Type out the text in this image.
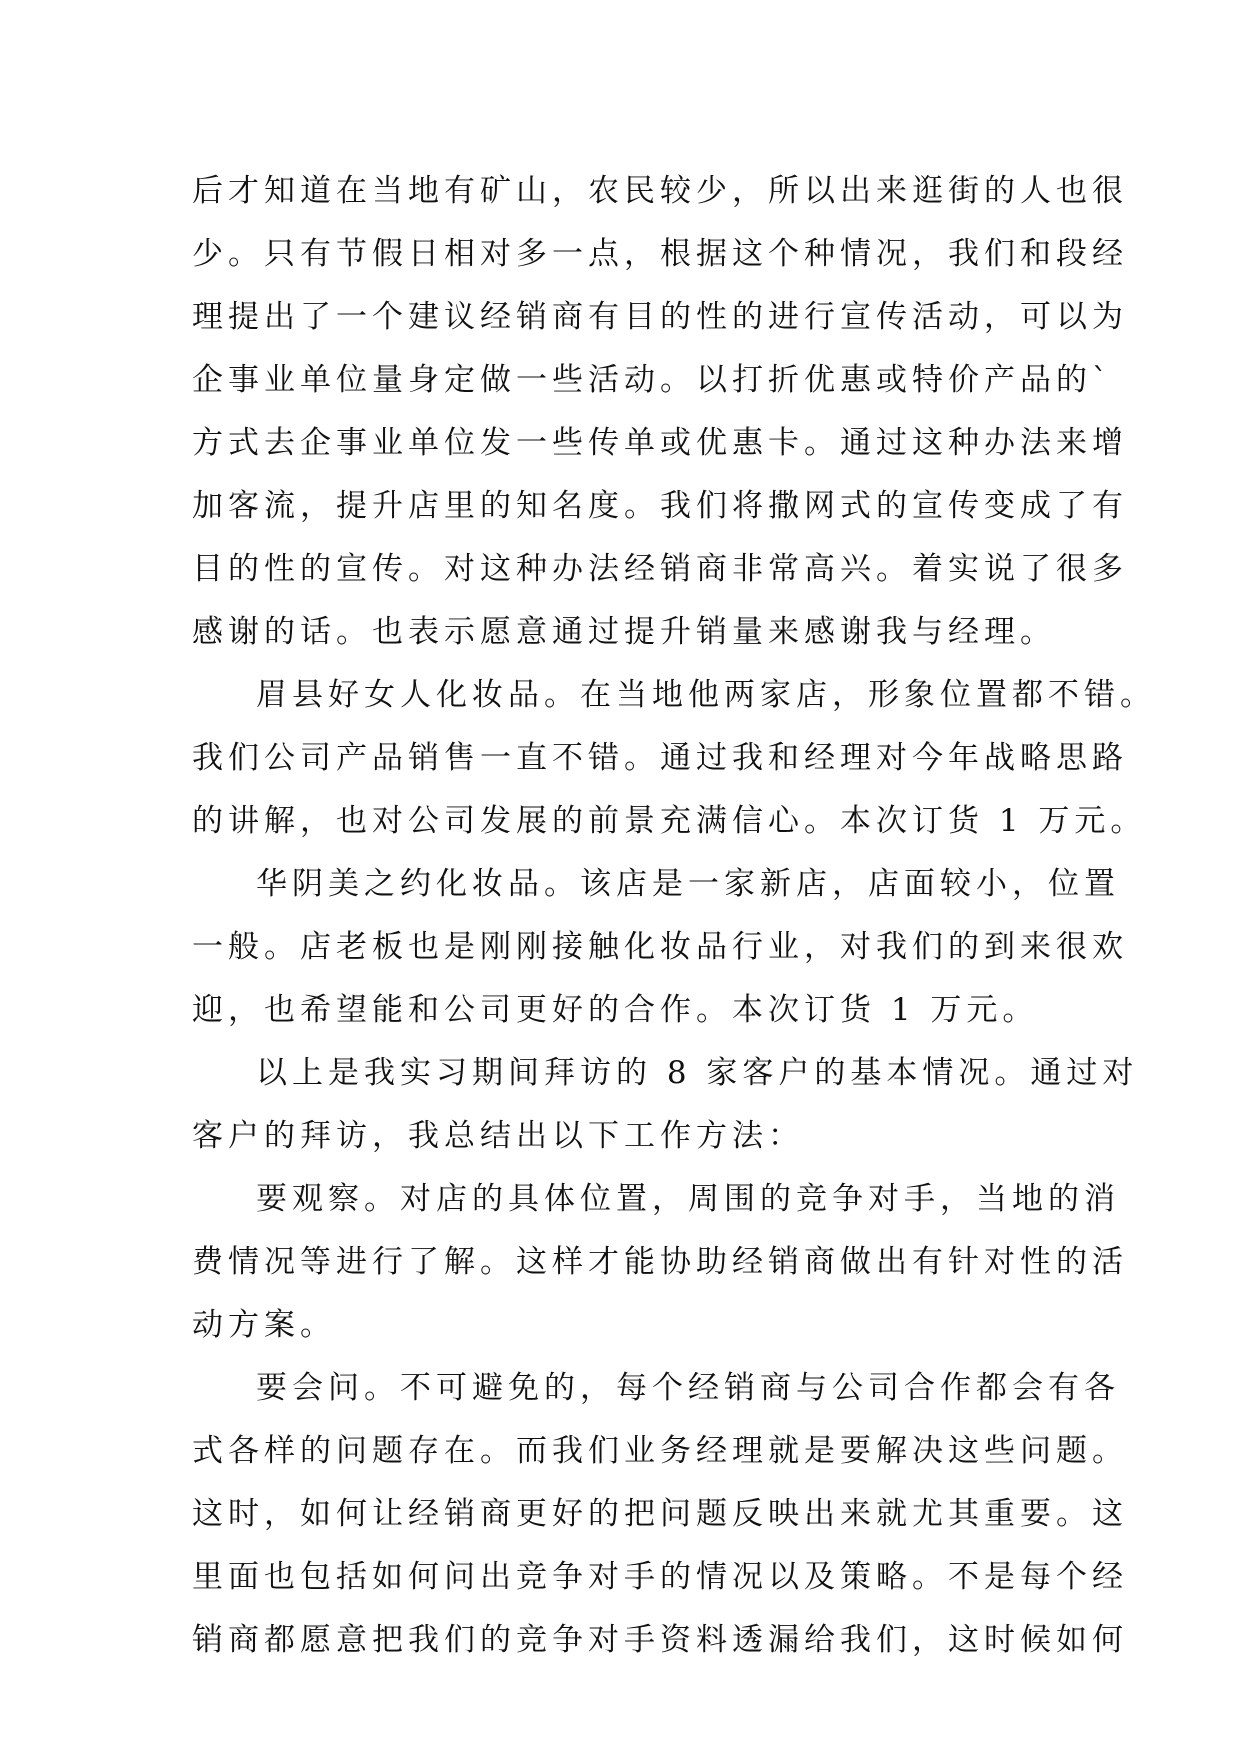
后才知道在当地有矿山，农民较少，所以出来逛街的人也很
少。只有节假日相对多一点，根据这个种情况，我们和段经
理提出了一个建议经销商有目的性的进行宣传活动，可以为
企事业单位量身定做一些活动。以打折优惠或特价产品的`
方式去企事业单位发一些传单或优惠卡。通过这种办法来增
加客流，提升店里的知名度。我们将撒网式的宣传变成了有
目的性的宣传。对这种办法经销商非常高兴。着实说了很多
感谢的话。也表示愿意通过提升销量来感谢我与经理。
眉县好女人化妆品。在当地他两家店，形象位置都不错。
我们公司产品销售一直不错。通过我和经理对今年战略思路
的讲解，也对公司发展的前景充满信心。本次订货 1 万元。
华阴美之约化妆品。该店是一家新店，店面较小，位置
一般。店老板也是刚刚接触化妆品行业，对我们的到来很欢
迎，也希望能和公司更好的合作。本次订货 1 万元。
以上是我实习期间拜访的 8 家客户的基本情况。通过对
客户的拜访，我总结出以下工作方法：
要观察。对店的具体位置，周围的竞争对手，当地的消
费情况等进行了解。这样才能协助经销商做出有针对性的活
动方案。
要会问。不可避免的，每个经销商与公司合作都会有各
式各样的问题存在。而我们业务经理就是要解决这些问题。
这时，如何让经销商更好的把问题反映出来就尤其重要。这
里面也包括如何问出竞争对手的情况以及策略。不是每个经
销商都愿意把我们的竞争对手资料透漏给我们，这时候如何
